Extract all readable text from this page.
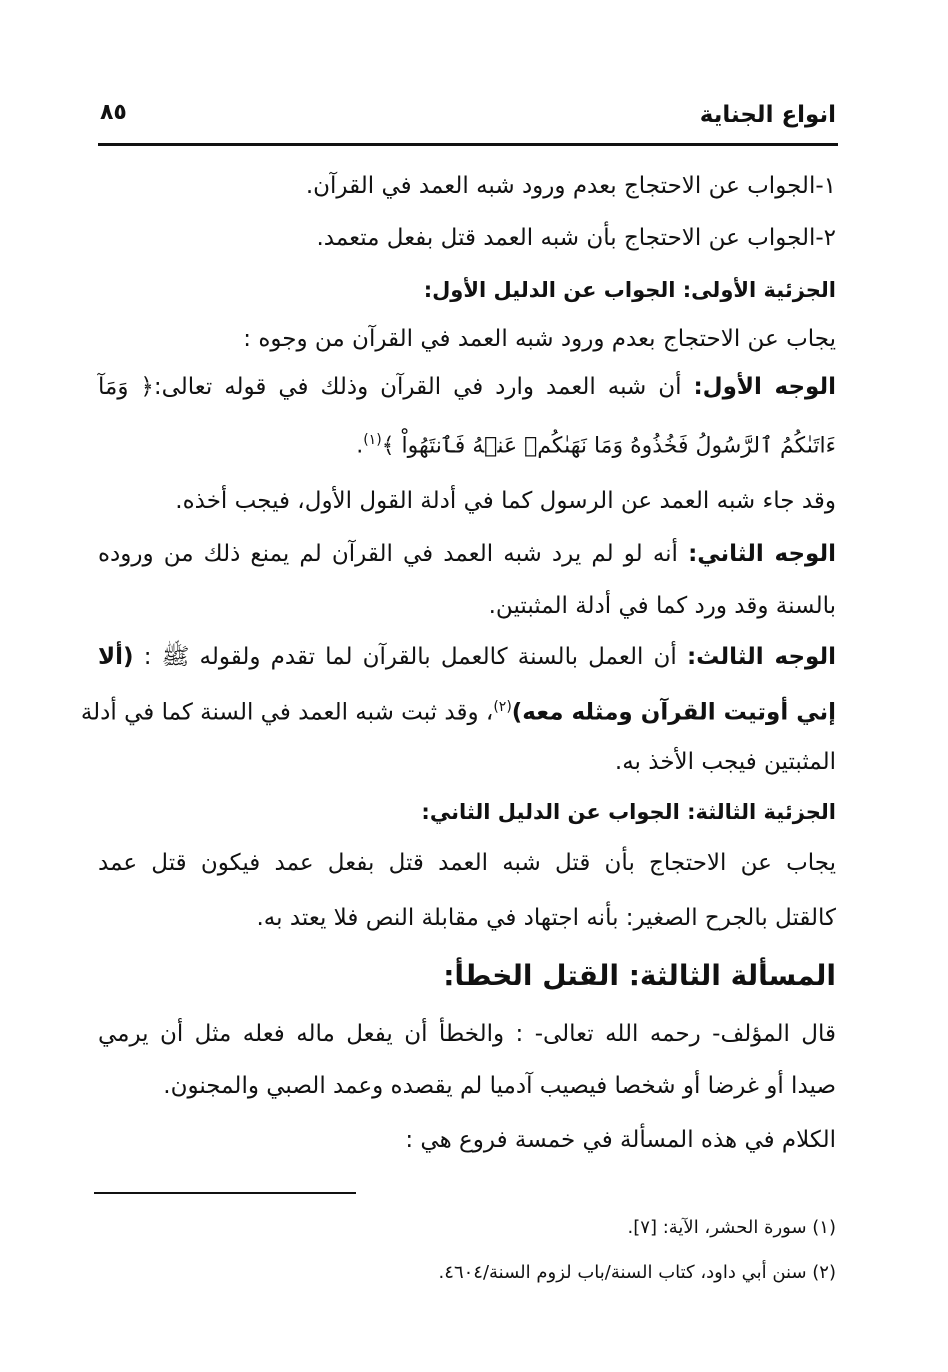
انواع الجناية
٨٥
١-الجواب عن الاحتجاج بعدم ورود شبه العمد في القرآن.
٢-الجواب عن الاحتجاج بأن شبه العمد قتل بفعل متعمد.
الجزئية الأولى: الجواب عن الدليل الأول:
يجاب عن الاحتجاج بعدم ورود شبه العمد في القرآن من وجوه :
الوجه الأول: أن شبه العمد وارد في القرآن وذلك في قوله تعالى:﴿ وَمَآ
ءَاتَىٰكُمُ ٱلرَّسُولُ فَخُذُوهُ وَمَا نَهَىٰكُمۡ عَنۡهُ فَٱنتَهُواْ ﴾$^{(١)}$.
وقد جاء شبه العمد عن الرسول كما في أدلة القول الأول، فيجب أخذه.
الوجه الثاني: أنه لو لم يرد شبه العمد في القرآن لم يمنع ذلك من وروده
بالسنة وقد ورد كما في أدلة المثبتين.
الوجه الثالث: أن العمل بالسنة كالعمل بالقرآن لما تقدم ولقوله ﷺ : (ألا
إني أوتيت القرآن ومثله معه)$^{(٢)}$، وقد ثبت شبه العمد في السنة كما في أدلة
المثبتين فيجب الأخذ به.
الجزئية الثالثة: الجواب عن الدليل الثاني:
يجاب عن الاحتجاج بأن قتل شبه العمد قتل بفعل عمد فيكون قتل عمد
كالقتل بالجرح الصغير: بأنه اجتهاد في مقابلة النص فلا يعتد به.
المسألة الثالثة: القتل الخطأ:
قال المؤلف- رحمه الله تعالى- : والخطأ أن يفعل ماله فعله مثل أن يرمي
صيدا أو غرضا أو شخصا فيصيب آدميا لم يقصده وعمد الصبي والمجنون.
الكلام في هذه المسألة في خمسة فروع هي :
(١) سورة الحشر، الآية: [٧].
(٢) سنن أبي داود، كتاب السنة/باب لزوم السنة/٤٦٠٤.
